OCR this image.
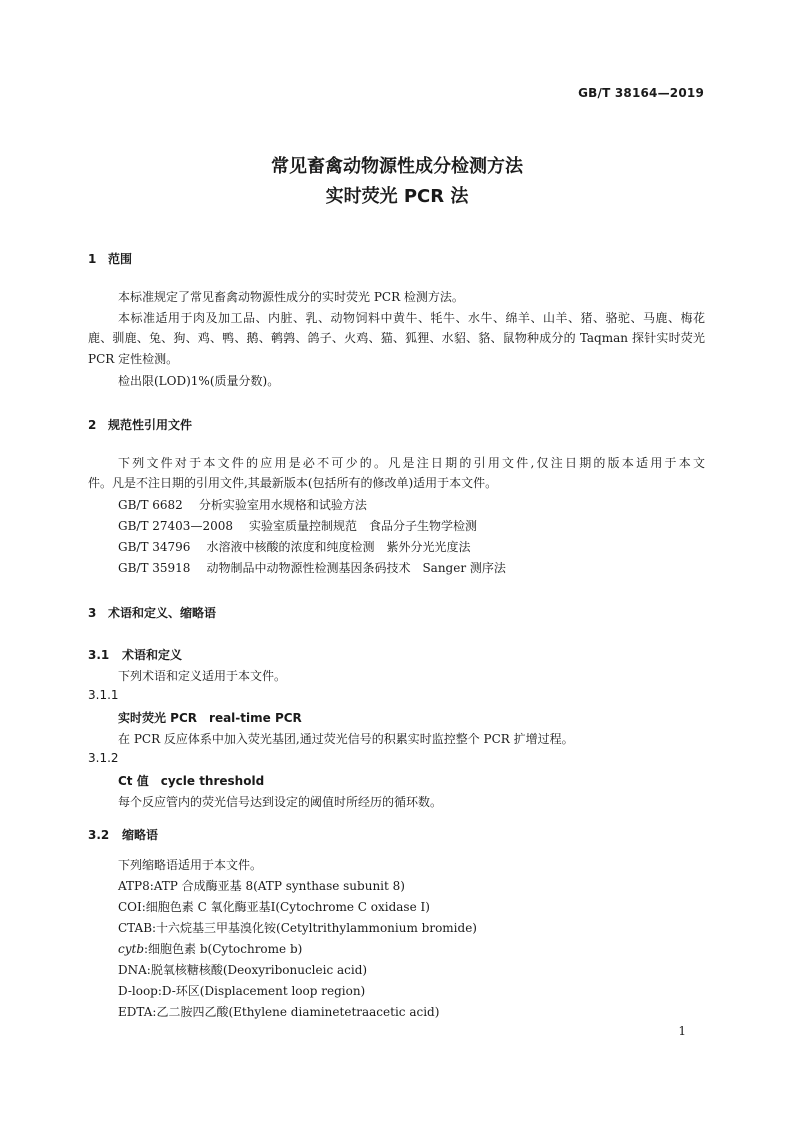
GB/T 38164—2019
常见畜禽动物源性成分检测方法
实时荧光 PCR 法
1 范围
本标准规定了常见畜禽动物源性成分的实时荧光 PCR 检测方法。
本标准适用于肉及加工品、内脏、乳、动物饲料中黄牛、牦牛、水牛、绵羊、山羊、猪、骆驼、马鹿、梅花
鹿、驯鹿、兔、狗、鸡、鸭、鹅、鹌鹑、鸽子、火鸡、猫、狐狸、水貂、貉、鼠物种成分的 Taqman 探针实时荧光
PCR 定性检测。
检出限(LOD)1%(质量分数)。
2 规范性引用文件
下列文件对于本文件的应用是必不可少的。凡是注日期的引用文件,仅注日期的版本适用于本文
件。凡是不注日期的引用文件,其最新版本(包括所有的修改单)适用于本文件。
GB/T 6682 分析实验室用水规格和试验方法
GB/T 27403—2008 实验室质量控制规范　食品分子生物学检测
GB/T 34796 水溶液中核酸的浓度和纯度检测　紫外分光光度法
GB/T 35918 动物制品中动物源性检测基因条码技术　Sanger 测序法
3 术语和定义、缩略语
3.1 术语和定义
下列术语和定义适用于本文件。
3.1.1
实时荧光 PCR　real-time PCR
在 PCR 反应体系中加入荧光基团,通过荧光信号的积累实时监控整个 PCR 扩增过程。
3.1.2
Ct 值　cycle threshold
每个反应管内的荧光信号达到设定的阈值时所经历的循环数。
3.2 缩略语
下列缩略语适用于本文件。
ATP8:ATP 合成酶亚基 8(ATP synthase subunit 8)
COⅠ:细胞色素 C 氧化酶亚基Ⅰ(Cytochrome C oxidase Ⅰ)
CTAB:十六烷基三甲基溴化铵(Cetyltrithylammonium bromide)
cytb:细胞色素 b(Cytochrome b)
DNA:脱氧核糖核酸(Deoxyribonucleic acid)
D-loop:D-环区(Displacement loop region)
EDTA:乙二胺四乙酸(Ethylene diaminetetraacetic acid)
1
